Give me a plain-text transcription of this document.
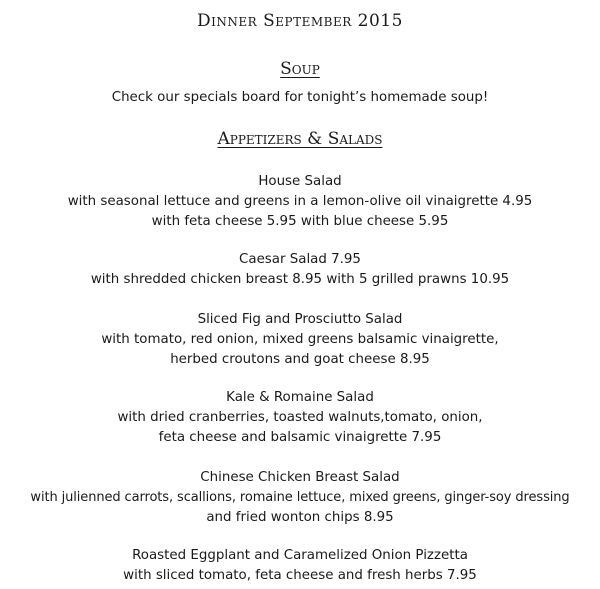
Dinner September 2015
Soup
Check our specials board for tonight’s homemade soup!
Appetizers & Salads
House Salad
with seasonal lettuce and greens in a lemon-olive oil vinaigrette 4.95
with feta cheese 5.95 with blue cheese 5.95
Caesar Salad 7.95
with shredded chicken breast 8.95 with 5 grilled prawns 10.95
Sliced Fig and Prosciutto Salad
with tomato, red onion, mixed greens balsamic vinaigrette,
herbed croutons and goat cheese 8.95
Kale & Romaine Salad
with dried cranberries, toasted walnuts,tomato, onion,
feta cheese and balsamic vinaigrette 7.95
Chinese Chicken Breast Salad
with julienned carrots, scallions, romaine lettuce, mixed greens, ginger-soy dressing
and fried wonton chips 8.95
Roasted Eggplant and Caramelized Onion Pizzetta
with sliced tomato, feta cheese and fresh herbs 7.95
